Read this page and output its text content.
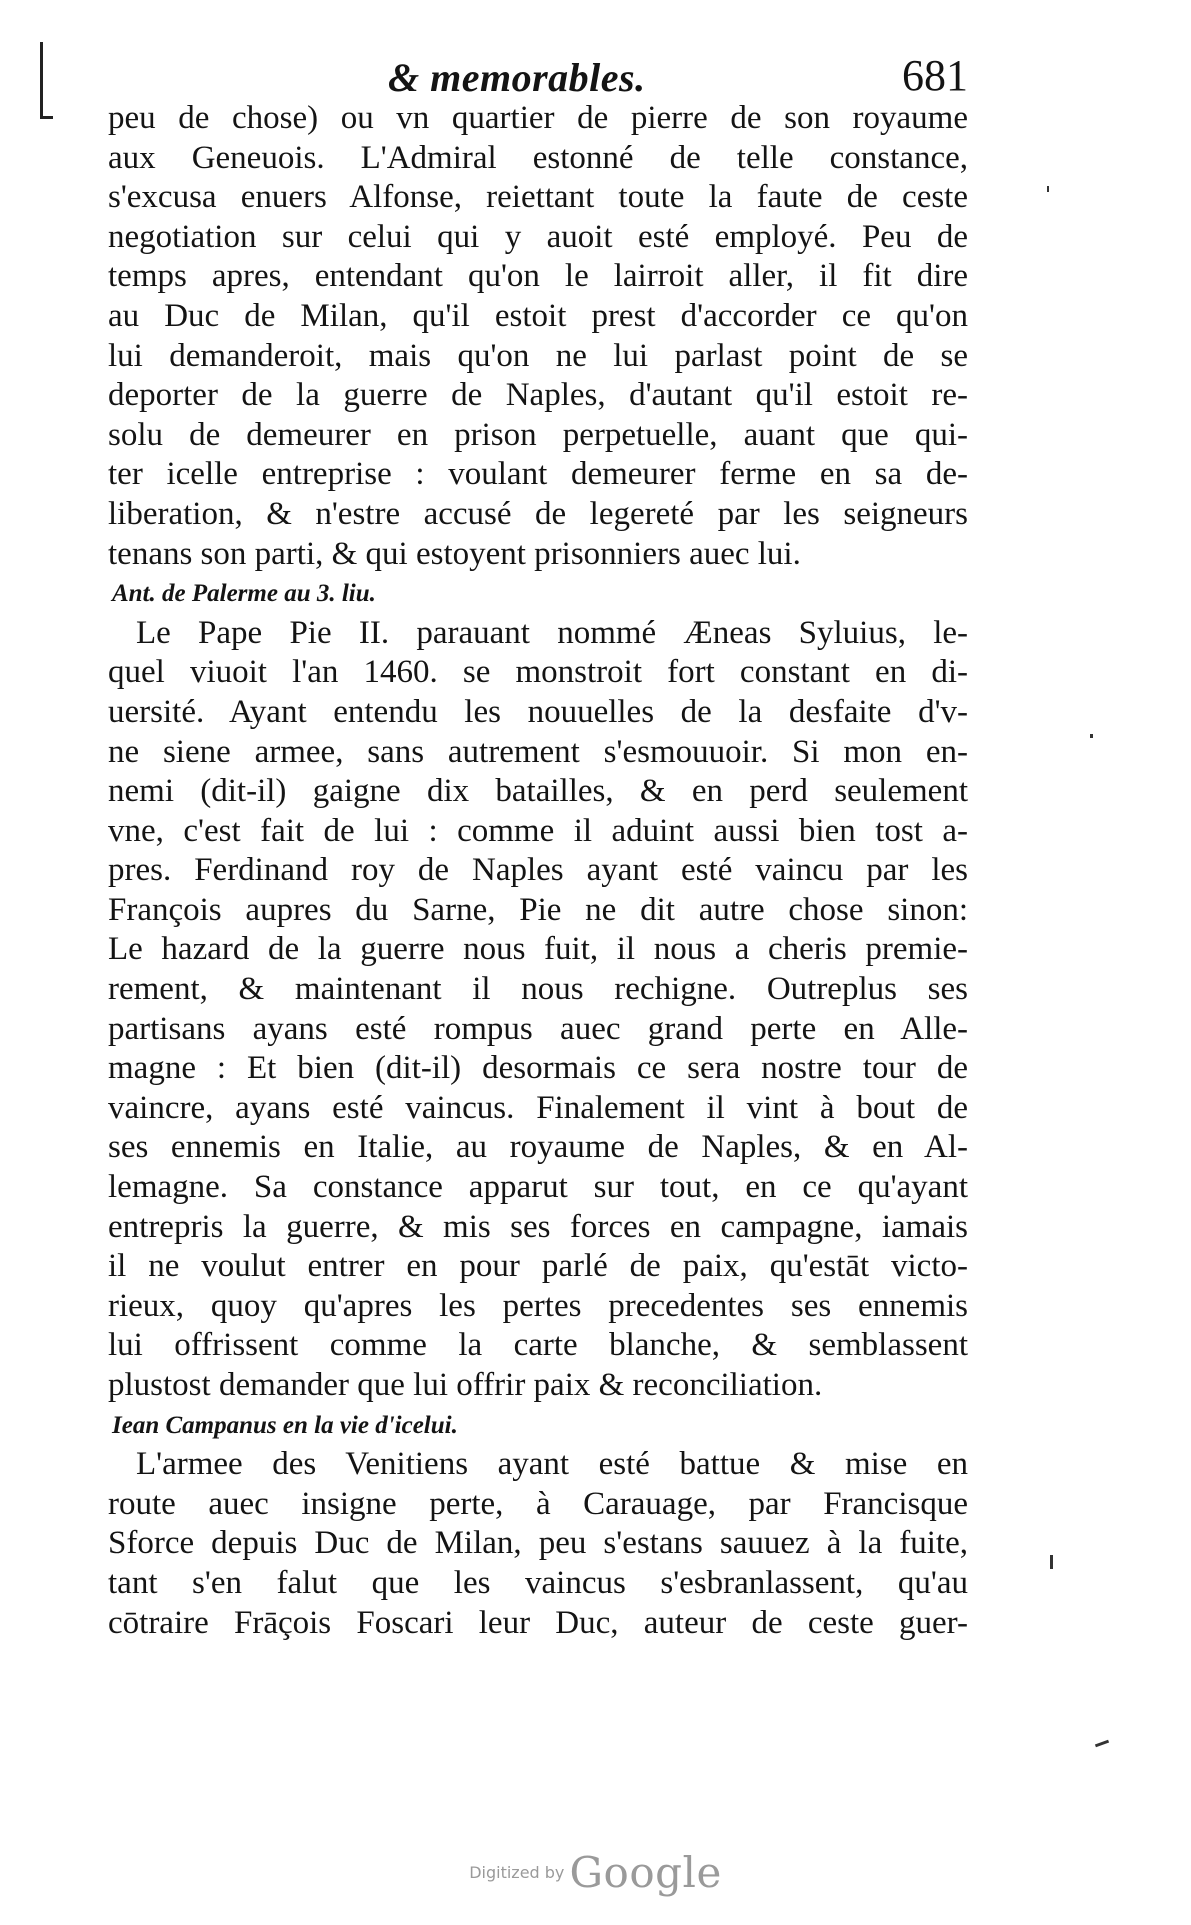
& memorables.	681
peu de chose) ou vn quartier de pierre de son royaume
aux Geneuois. L'Admiral estonné de telle constance,
s'excusa enuers Alfonse, reiettant toute la faute de ceste
negotiation sur celui qui y auoit esté employé. Peu de
temps apres, entendant qu'on le lairroit aller, il fit dire
au Duc de Milan, qu'il estoit prest d'accorder ce qu'on
lui demanderoit, mais qu'on ne lui parlast point de se
deporter de la guerre de Naples, d'autant qu'il estoit re-
solu de demeurer en prison perpetuelle, auant que qui-
ter icelle entreprise : voulant demeurer ferme en sa de-
liberation, & n'estre accusé de legereté par les seigneurs
tenans son parti, & qui estoyent prisonniers auec lui.
Ant. de Palerme au 3. liu.
Le Pape Pie II. parauant nommé Æneas Syluius, le-
quel viuoit l'an 1460. se monstroit fort constant en di-
uersité. Ayant entendu les nouuelles de la desfaite d'v-
ne siene armee, sans autrement s'esmouuoir. Si mon en-
nemi (dit-il) gaigne dix batailles, & en perd seulement
vne, c'est fait de lui : comme il aduint aussi bien tost a-
pres. Ferdinand roy de Naples ayant esté vaincu par les
François aupres du Sarne, Pie ne dit autre chose sinon:
Le hazard de la guerre nous fuit, il nous a cheris premie-
rement, & maintenant il nous rechigne. Outreplus ses
partisans ayans esté rompus auec grand perte en Alle-
magne : Et bien (dit-il) desormais ce sera nostre tour de
vaincre, ayans esté vaincus. Finalement il vint à bout de
ses ennemis en Italie, au royaume de Naples, & en Al-
lemagne. Sa constance apparut sur tout, en ce qu'ayant
entrepris la guerre, & mis ses forces en campagne, iamais
il ne voulut entrer en pour parlé de paix, qu'estāt victo-
rieux, quoy qu'apres les pertes precedentes ses ennemis
lui offrissent comme la carte blanche, & semblassent
plustost demander que lui offrir paix & reconciliation.
Iean Campanus en la vie d'icelui.
L'armee des Venitiens ayant esté battue & mise en
route auec insigne perte, à Carauage, par Francisque
Sforce depuis Duc de Milan, peu s'estans sauuez à la fuite,
tant s'en falut que les vaincus s'esbranlassent, qu'au
cōtraire Frāçois Foscari leur Duc, auteur de ceste guer-
Digitized by Google
